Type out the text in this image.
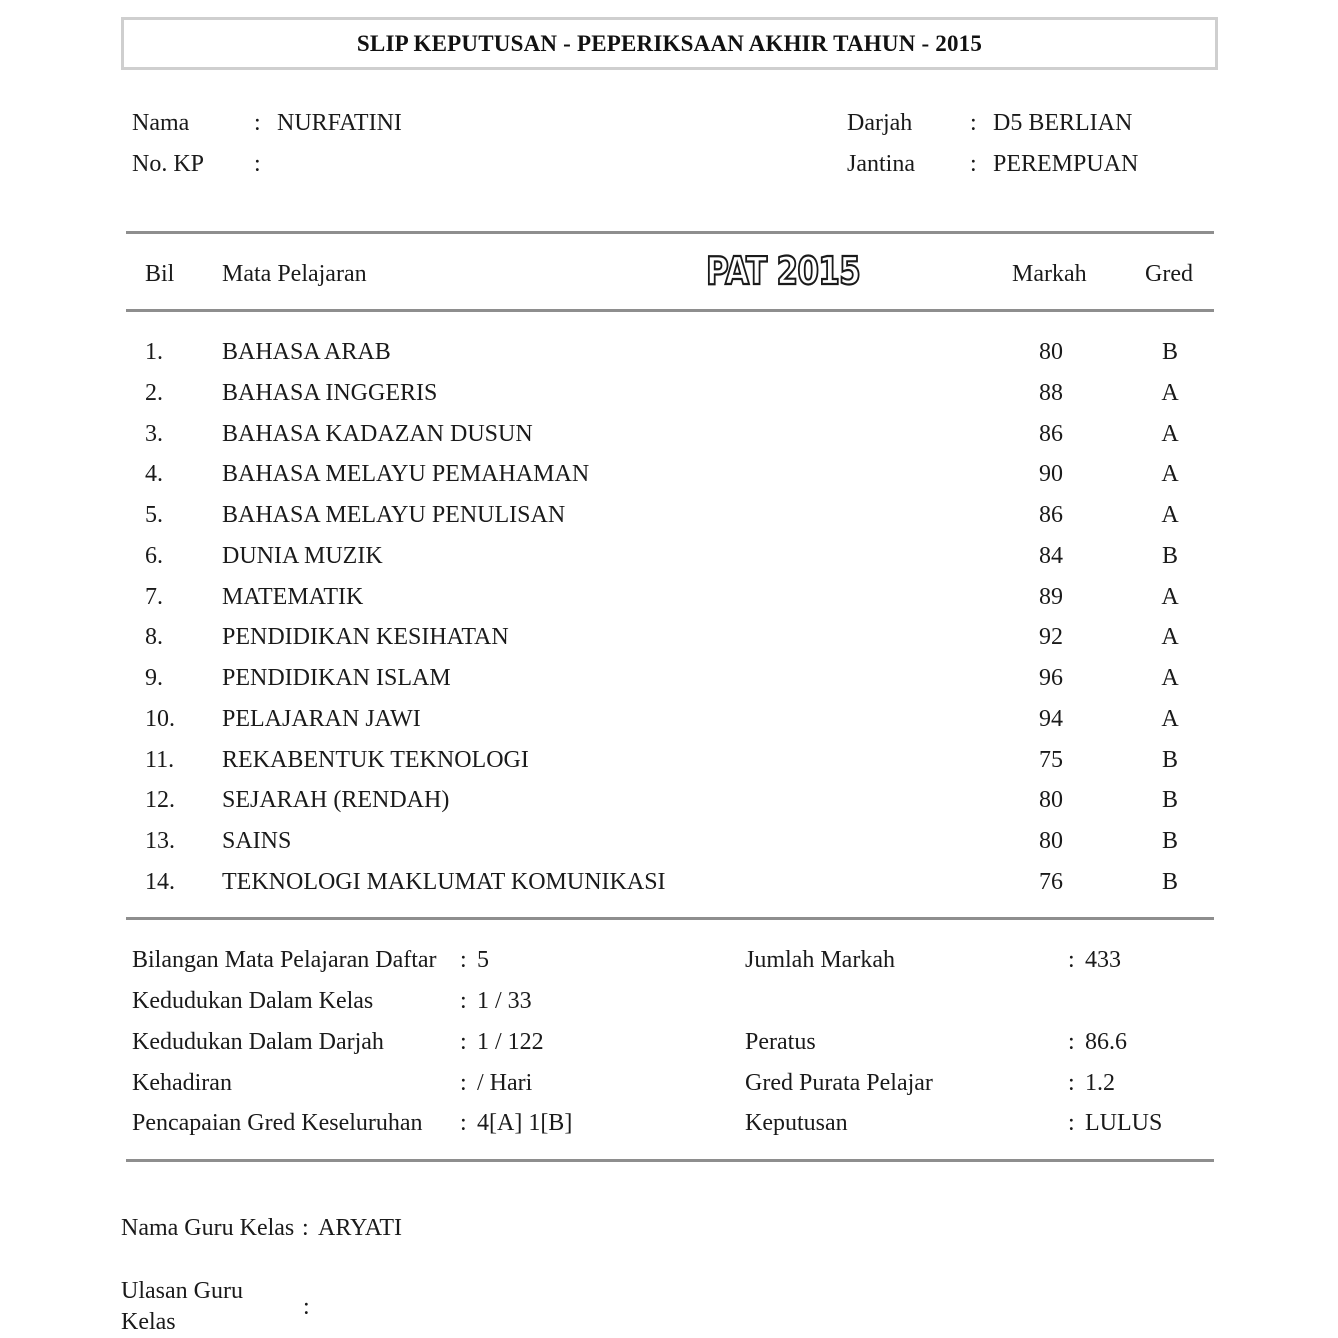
SLIP KEPUTUSAN - PEPERIKSAAN AKHIR TAHUN - 2015
Nama	: NURFATINI
No. KP :
Darjah : D5 BERLIAN
Jantina : PEREMPUAN
Bil Mata Pelajaran	PAT 2015	Markah Gred
1. BAHASA ARAB	80	B
2. BAHASA INGGERIS	88	A
3. BAHASA KADAZAN DUSUN	86	A
4. BAHASA MELAYU PEMAHAMAN	90	A
5. BAHASA MELAYU PENULISAN	86	A
6. DUNIA MUZIK	84	B
7. MATEMATIK	89	A
8. PENDIDIKAN KESIHATAN	92	A
9. PENDIDIKAN ISLAM	96	A
10. PELAJARAN JAWI	94	A
11. REKABENTUK TEKNOLOGI	75	B
12. SEJARAH (RENDAH)	80	B
13. SAINS	80	B
14. TEKNOLOGI MAKLUMAT KOMUNIKASI	76	B
Bilangan Mata Pelajaran Daftar : 5
Kedudukan Dalam Kelas	: 1 / 33
Kedudukan Dalam Darjah	: 1 / 122
Kehadiran	: / Hari
Pencapaian Gred Keseluruhan : 4[A] 1[B]
Jumlah Markah	: 433
Peratus	: 86.6
Gred Purata Pelajar	: 1.2
Keputusan	: LULUS
Nama Guru Kelas : ARYATI
Ulasan Guru
Kelas
:
